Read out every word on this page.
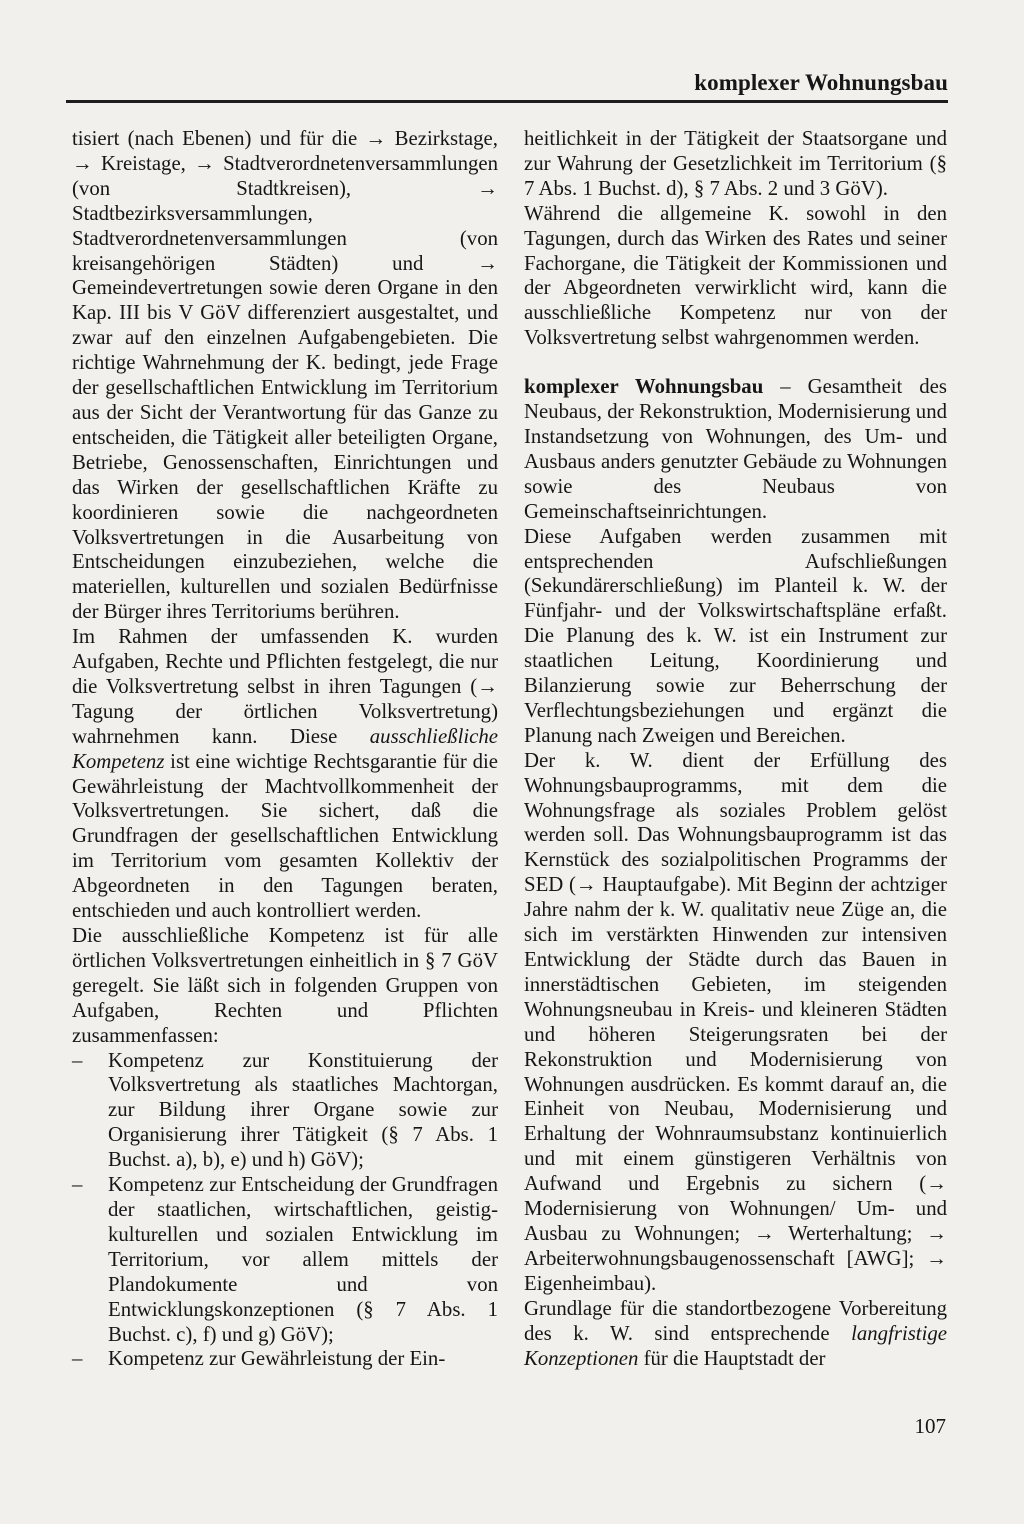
komplexer Wohnungsbau

tisiert (nach Ebenen) und für die → Bezirkstage, → Kreistage, → Stadtverordnetenversammlungen (von Stadtkreisen), → Stadtbezirksversammlungen, Stadtverordnetenversammlungen (von kreisangehörigen Städten) und → Gemeindevertretungen sowie deren Organe in den Kap. III bis V GöV differenziert ausgestaltet, und zwar auf den einzelnen Aufgabengebieten. Die richtige Wahrnehmung der K. bedingt, jede Frage der gesellschaftlichen Entwicklung im Territorium aus der Sicht der Verantwortung für das Ganze zu entscheiden, die Tätigkeit aller beteiligten Organe, Betriebe, Genossenschaften, Einrichtungen und das Wirken der gesellschaftlichen Kräfte zu koordinieren sowie die nachgeordneten Volksvertretungen in die Ausarbeitung von Entscheidungen einzubeziehen, welche die materiellen, kulturellen und sozialen Bedürfnisse der Bürger ihres Territoriums berühren.

Im Rahmen der umfassenden K. wurden Aufgaben, Rechte und Pflichten festgelegt, die nur die Volksvertretung selbst in ihren Tagungen (→ Tagung der örtlichen Volksvertretung) wahrnehmen kann. Diese ausschließliche Kompetenz ist eine wichtige Rechtsgarantie für die Gewährleistung der Machtvollkommenheit der Volksvertretungen. Sie sichert, daß die Grundfragen der gesellschaftlichen Entwicklung im Territorium vom gesamten Kollektiv der Abgeordneten in den Tagungen beraten, entschieden und auch kontrolliert werden.

Die ausschließliche Kompetenz ist für alle örtlichen Volksvertretungen einheitlich in § 7 GöV geregelt. Sie läßt sich in folgenden Gruppen von Aufgaben, Rechten und Pflichten zusammenfassen:

– Kompetenz zur Konstituierung der Volksvertretung als staatliches Machtorgan, zur Bildung ihrer Organe sowie zur Organisierung ihrer Tätigkeit (§ 7 Abs. 1 Buchst. a), b), e) und h) GöV);
– Kompetenz zur Entscheidung der Grundfragen der staatlichen, wirtschaftlichen, geistig-kulturellen und sozialen Entwicklung im Territorium, vor allem mittels der Plandokumente und von Entwicklungskonzeptionen (§ 7 Abs. 1 Buchst. c), f) und g) GöV);
– Kompetenz zur Gewährleistung der Ein-

heitlichkeit in der Tätigkeit der Staatsorgane und zur Wahrung der Gesetzlichkeit im Territorium (§ 7 Abs. 1 Buchst. d), § 7 Abs. 2 und 3 GöV).

Während die allgemeine K. sowohl in den Tagungen, durch das Wirken des Rates und seiner Fachorgane, die Tätigkeit der Kommissionen und der Abgeordneten verwirklicht wird, kann die ausschließliche Kompetenz nur von der Volksvertretung selbst wahrgenommen werden.

komplexer Wohnungsbau – Gesamtheit des Neubaus, der Rekonstruktion, Modernisierung und Instandsetzung von Wohnungen, des Um- und Ausbaus anders genutzter Gebäude zu Wohnungen sowie des Neubaus von Gemeinschaftseinrichtungen.

Diese Aufgaben werden zusammen mit entsprechenden Aufschließungen (Sekundärerschließung) im Planteil k. W. der Fünfjahr- und der Volkswirtschaftspläne erfaßt. Die Planung des k. W. ist ein Instrument zur staatlichen Leitung, Koordinierung und Bilanzierung sowie zur Beherrschung der Verflechtungsbeziehungen und ergänzt die Planung nach Zweigen und Bereichen.

Der k. W. dient der Erfüllung des Wohnungsbauprogramms, mit dem die Wohnungsfrage als soziales Problem gelöst werden soll. Das Wohnungsbauprogramm ist das Kernstück des sozialpolitischen Programms der SED (→ Hauptaufgabe). Mit Beginn der achtziger Jahre nahm der k. W. qualitativ neue Züge an, die sich im verstärkten Hinwenden zur intensiven Entwicklung der Städte durch das Bauen in innerstädtischen Gebieten, im steigenden Wohnungsneubau in Kreis- und kleineren Städten und höheren Steigerungsraten bei der Rekonstruktion und Modernisierung von Wohnungen ausdrücken. Es kommt darauf an, die Einheit von Neubau, Modernisierung und Erhaltung der Wohnraumsubstanz kontinuierlich und mit einem günstigeren Verhältnis von Aufwand und Ergebnis zu sichern (→ Modernisierung von Wohnungen/ Um- und Ausbau zu Wohnungen; → Werterhaltung; → Arbeiterwohnungsbaugenossenschaft [AWG]; → Eigenheimbau).

Grundlage für die standortbezogene Vorbereitung des k. W. sind entsprechende langfristige Konzeptionen für die Hauptstadt der

107
